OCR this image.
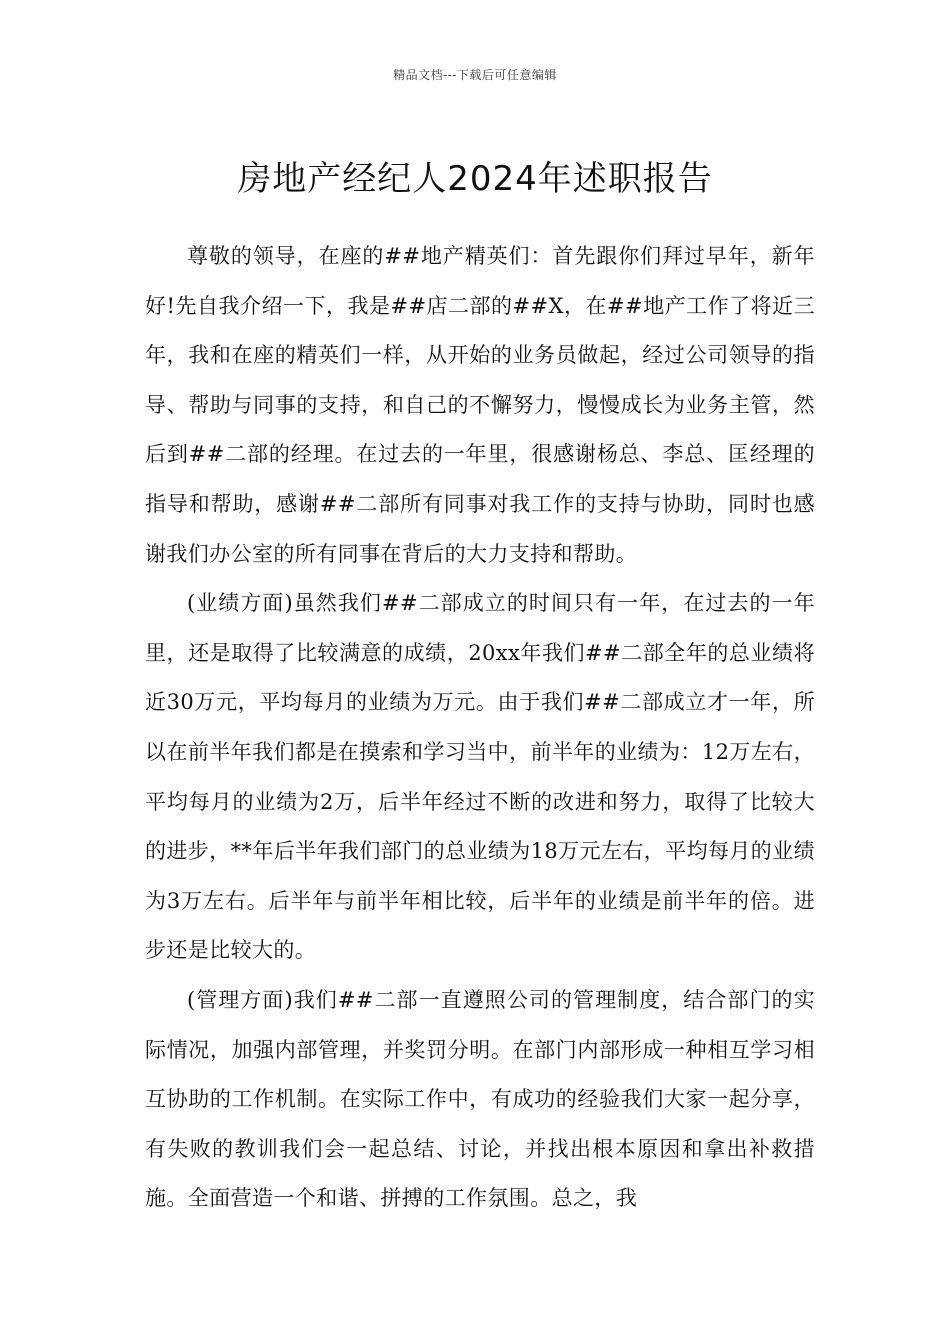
精品文档---下载后可任意编辑
房地产经纪人2024年述职报告

尊敬的领导，在座的##地产精英们：首先跟你们拜过早年，新年好!先自我介绍一下，我是##店二部的##X，在##地产工作了将近三年，我和在座的精英们一样，从开始的业务员做起，经过公司领导的指导、帮助与同事的支持，和自己的不懈努力，慢慢成长为业务主管，然后到##二部的经理。在过去的一年里，很感谢杨总、李总、匡经理的指导和帮助，感谢##二部所有同事对我工作的支持与协助，同时也感谢我们办公室的所有同事在背后的大力支持和帮助。

(业绩方面)虽然我们##二部成立的时间只有一年，在过去的一年里，还是取得了比较满意的成绩，20xx年我们##二部全年的总业绩将近30万元，平均每月的业绩为万元。由于我们##二部成立才一年，所以在前半年我们都是在摸索和学习当中，前半年的业绩为：12万左右，平均每月的业绩为2万，后半年经过不断的改进和努力，取得了比较大的进步，**年后半年我们部门的总业绩为18万元左右，平均每月的业绩为3万左右。后半年与前半年相比较，后半年的业绩是前半年的倍。进步还是比较大的。

(管理方面)我们##二部一直遵照公司的管理制度，结合部门的实际情况，加强内部管理，并奖罚分明。在部门内部形成一种相互学习相互协助的工作机制。在实际工作中，有成功的经验我们大家一起分享，有失败的教训我们会一起总结、讨论，并找出根本原因和拿出补救措施。全面营造一个和谐、拼搏的工作氛围。总之，我
